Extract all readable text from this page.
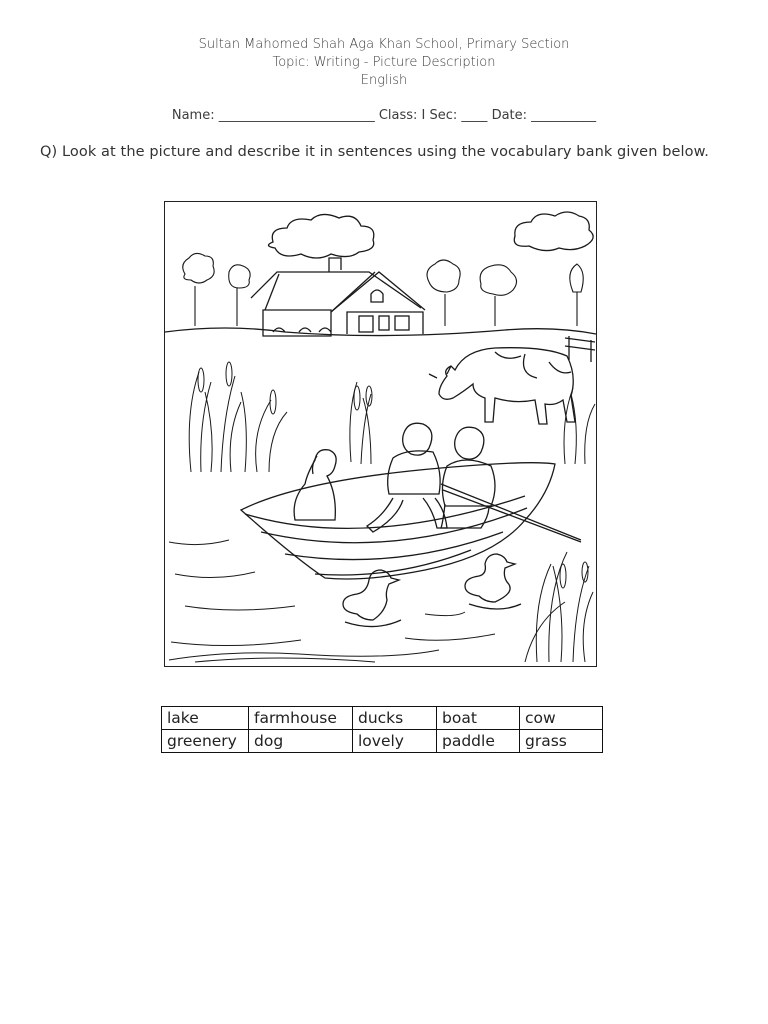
Sultan Mahomed Shah Aga Khan School, Primary Section
Topic: Writing - Picture Description
English
Name: ________________________ Class: I Sec: ____ Date: __________
Q) Look at the picture and describe it in sentences using the vocabulary bank given below.
lake	farmhouse	ducks	boat	cow
greenery	dog	lovely	paddle	grass
